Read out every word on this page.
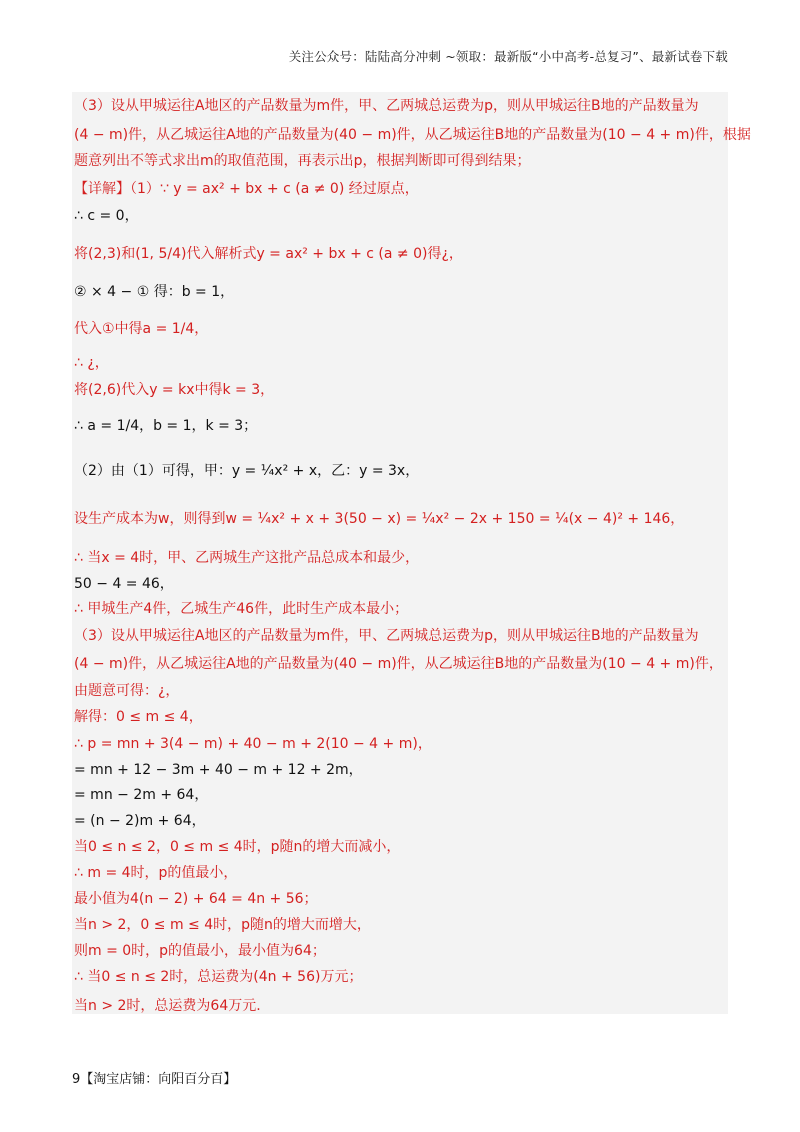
关注公众号：陆陆高分冲刺 ~领取：最新版“小中高考-总复习”、最新试卷下载
（3）设从甲城运往A地区的产品数量为m件，甲、乙两城总运费为p，则从甲城运往B地的产品数量为
(4 − m)件，从乙城运往A地的产品数量为(40 − m)件，从乙城运往B地的产品数量为(10 − 4 + m)件，根据
题意列出不等式求出m的取值范围，再表示出p，根据判断即可得到结果；
【详解】（1）∵ y = ax² + bx + c (a ≠ 0) 经过原点，
∴ c = 0，
将(2,3)和(1, 5/4)代入解析式y = ax² + bx + c (a ≠ 0)得¿，
② × 4 − ① 得：b = 1，
代入①中得a = 1/4，
∴ ¿，
将(2,6)代入y = kx中得k = 3，
∴ a = 1/4，b = 1，k = 3；
（2）由（1）可得，甲：y = ¼x² + x，乙：y = 3x，
设生产成本为w，则得到w = ¼x² + x + 3(50 − x) = ¼x² − 2x + 150 = ¼(x − 4)² + 146，
∴ 当x = 4时，甲、乙两城生产这批产品总成本和最少，
50 − 4 = 46，
∴ 甲城生产4件，乙城生产46件，此时生产成本最小；
（3）设从甲城运往A地区的产品数量为m件，甲、乙两城总运费为p，则从甲城运往B地的产品数量为
(4 − m)件，从乙城运往A地的产品数量为(40 − m)件，从乙城运往B地的产品数量为(10 − 4 + m)件，
由题意可得：¿，
解得：0 ≤ m ≤ 4，
∴ p = mn + 3(4 − m) + 40 − m + 2(10 − 4 + m)，
= mn + 12 − 3m + 40 − m + 12 + 2m，
= mn − 2m + 64，
= (n − 2)m + 64，
当0 ≤ n ≤ 2，0 ≤ m ≤ 4时，p随n的增大而减小，
∴ m = 4时，p的值最小，
最小值为4(n − 2) + 64 = 4n + 56；
当n > 2，0 ≤ m ≤ 4时，p随n的增大而增大，
则m = 0时，p的值最小，最小值为64；
∴ 当0 ≤ n ≤ 2时，总运费为(4n + 56)万元；
当n > 2时，总运费为64万元.
9【淘宝店铺：向阳百分百】
